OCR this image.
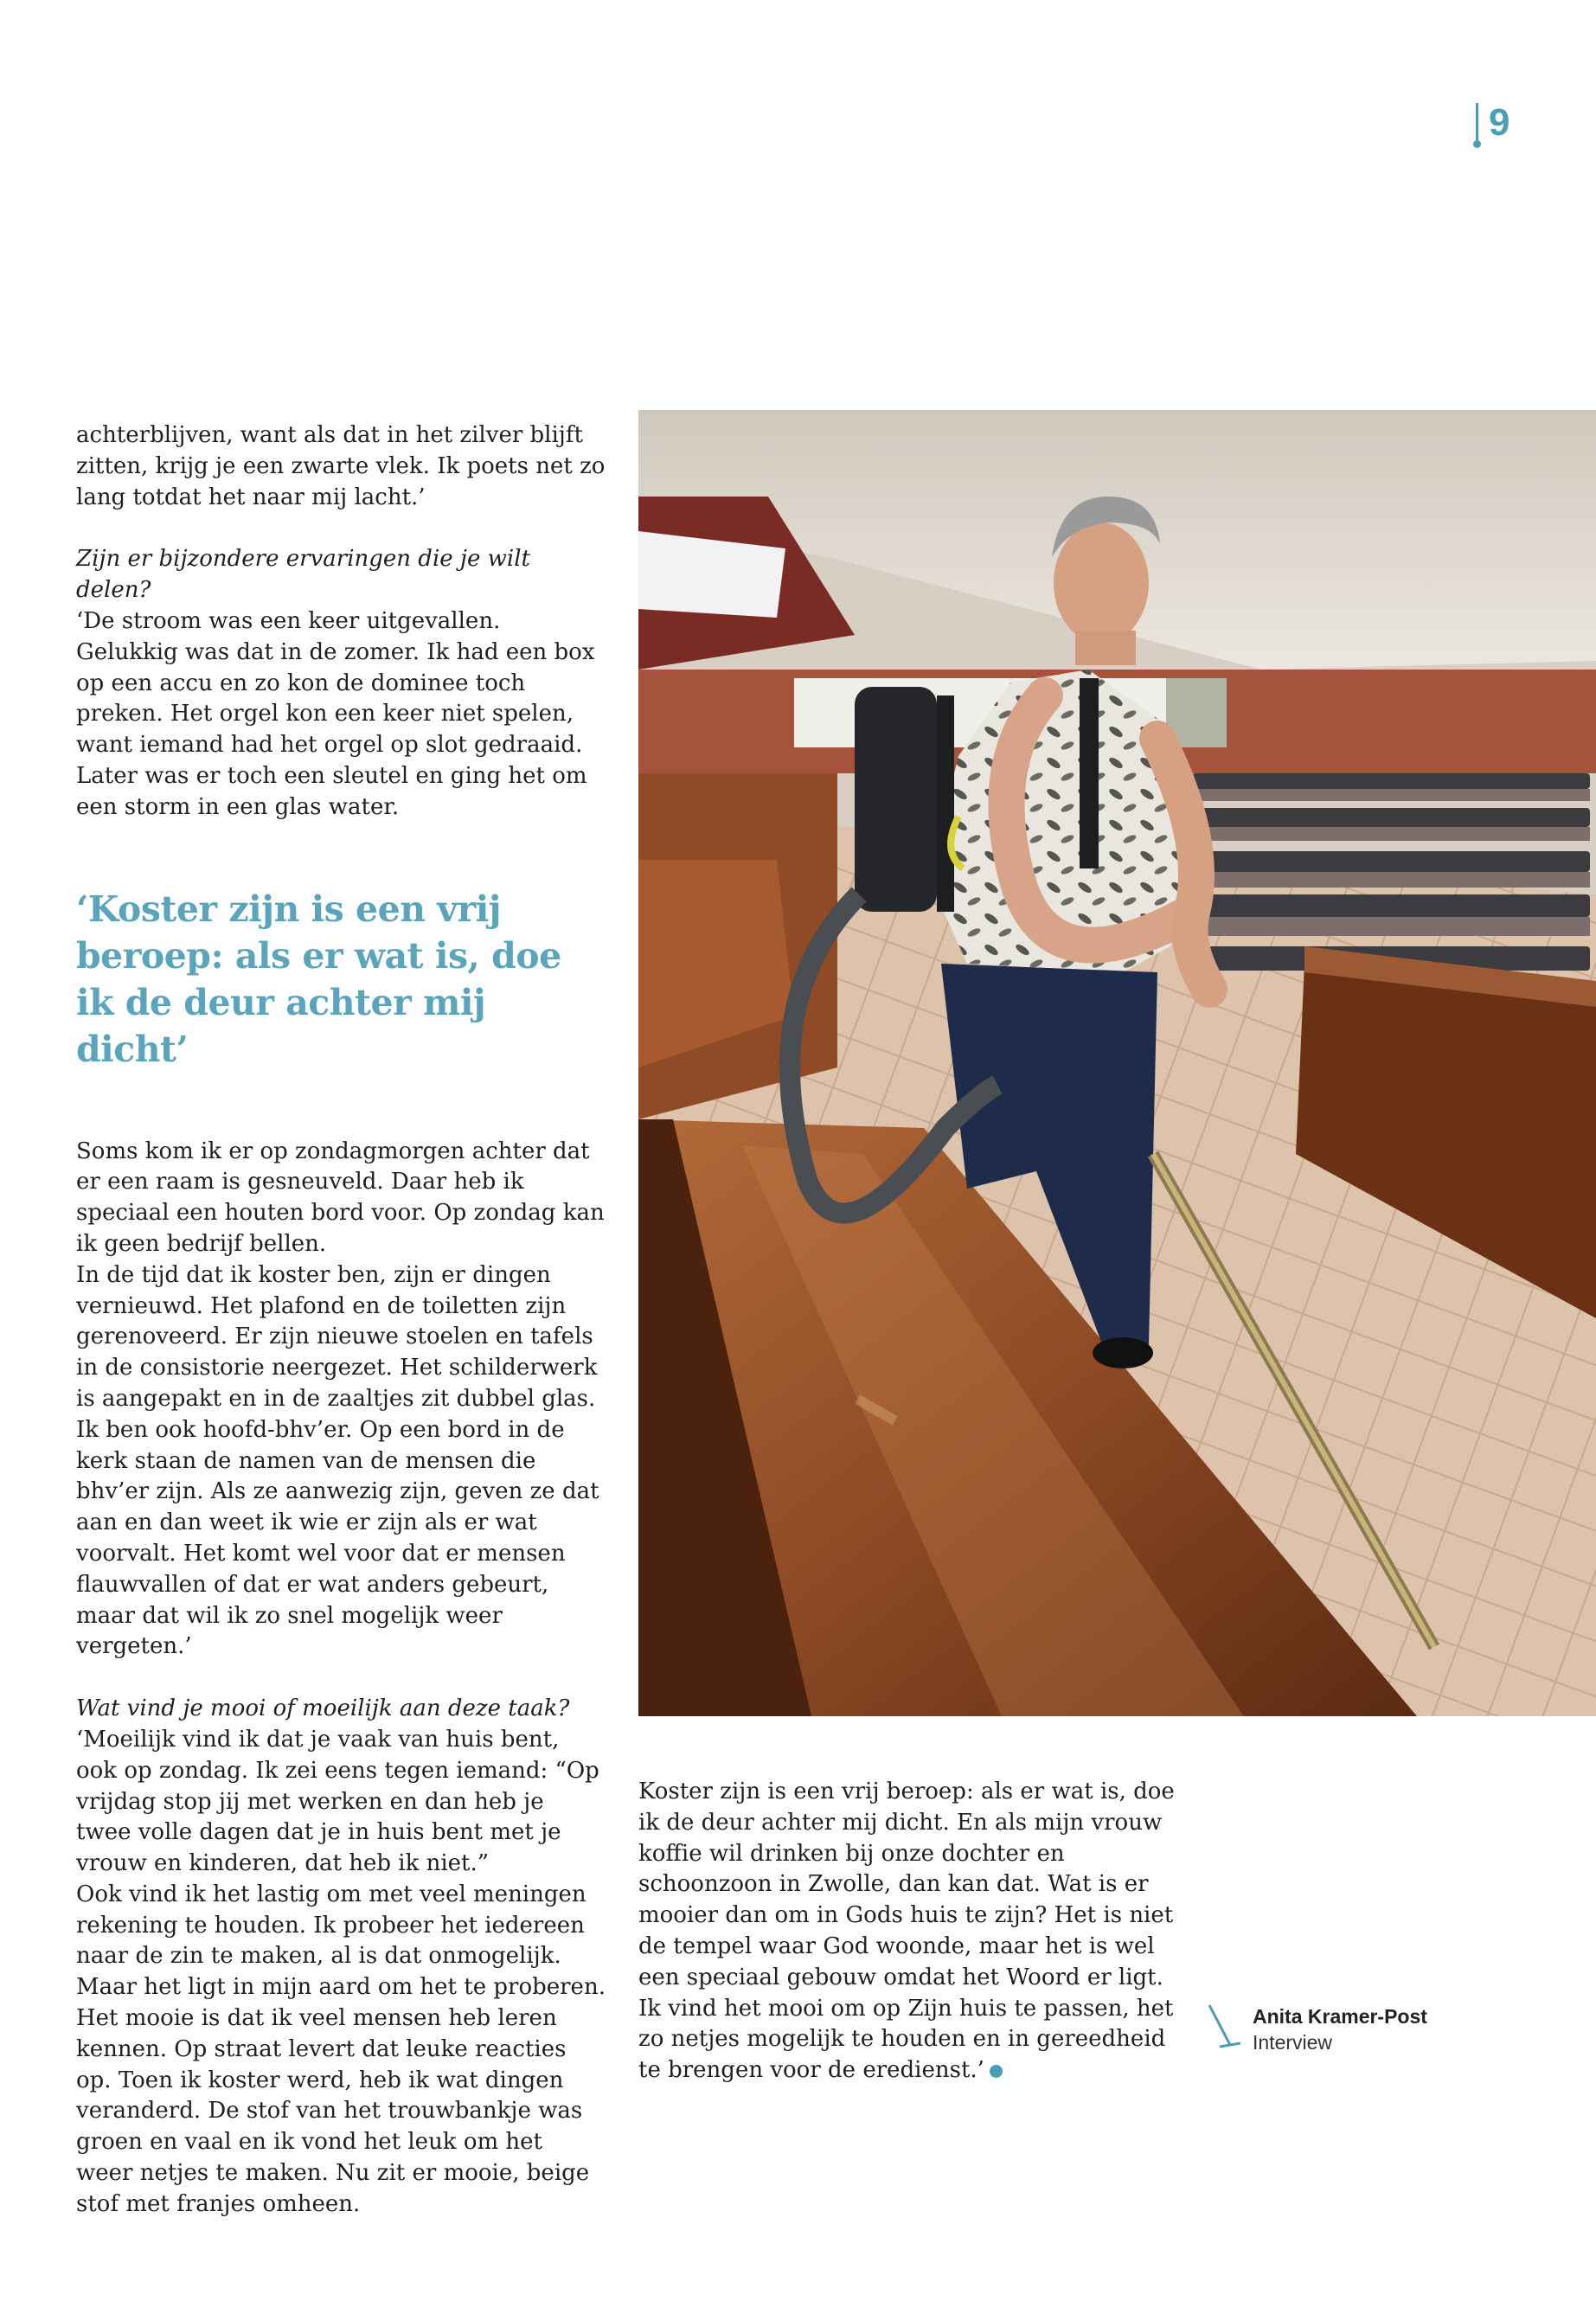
9

achterblijven, want als dat in het zilver blijft zitten, krijg je een zwarte vlek. Ik poets net zo lang totdat het naar mij lacht.’

Zijn er bijzondere ervaringen die je wilt delen?

‘De stroom was een keer uitgevallen. Gelukkig was dat in de zomer. Ik had een box op een accu en zo kon de dominee toch preken. Het orgel kon een keer niet spelen, want iemand had het orgel op slot gedraaid. Later was er toch een sleutel en ging het om een storm in een glas water.

‘Koster zijn is een vrij beroep: als er wat is, doe ik de deur achter mij dicht’

Soms kom ik er op zondagmorgen achter dat er een raam is gesneuveld. Daar heb ik speciaal een houten bord voor. Op zondag kan ik geen bedrijf bellen.

In de tijd dat ik koster ben, zijn er dingen vernieuwd. Het plafond en de toiletten zijn gerenoveerd. Er zijn nieuwe stoelen en tafels in de consistorie neergezet. Het schilderwerk is aangepakt en in de zaaltjes zit dubbel glas.

Ik ben ook hoofd-bhv’er. Op een bord in de kerk staan de namen van de mensen die bhv’er zijn. Als ze aanwezig zijn, geven ze dat aan en dan weet ik wie er zijn als er wat voorvalt. Het komt wel voor dat er mensen flauwvallen of dat er wat anders gebeurt, maar dat wil ik zo snel mogelijk weer vergeten.’

Wat vind je mooi of moeilijk aan deze taak?

‘Moeilijk vind ik dat je vaak van huis bent, ook op zondag. Ik zei eens tegen iemand: “Op vrijdag stop jij met werken en dan heb je twee volle dagen dat je in huis bent met je vrouw en kinderen, dat heb ik niet.”

Ook vind ik het lastig om met veel meningen rekening te houden. Ik probeer het iedereen naar de zin te maken, al is dat onmogelijk. Maar het ligt in mijn aard om het te proberen.

Het mooie is dat ik veel mensen heb leren kennen. Op straat levert dat leuke reacties op. Toen ik koster werd, heb ik wat dingen veranderd. De stof van het trouwbankje was groen en vaal en ik vond het leuk om het weer netjes te maken. Nu zit er mooie, beige stof met franjes omheen.

Koster zijn is een vrij beroep: als er wat is, doe ik de deur achter mij dicht. En als mijn vrouw koffie wil drinken bij onze dochter en schoonzoon in Zwolle, dan kan dat. Wat is er mooier dan om in Gods huis te zijn? Het is niet de tempel waar God woonde, maar het is wel een speciaal gebouw omdat het Woord er ligt. Ik vind het mooi om op Zijn huis te passen, het zo netjes mogelijk te houden en in gereedheid te brengen voor de eredienst.’

Anita Kramer-Post
Interview
